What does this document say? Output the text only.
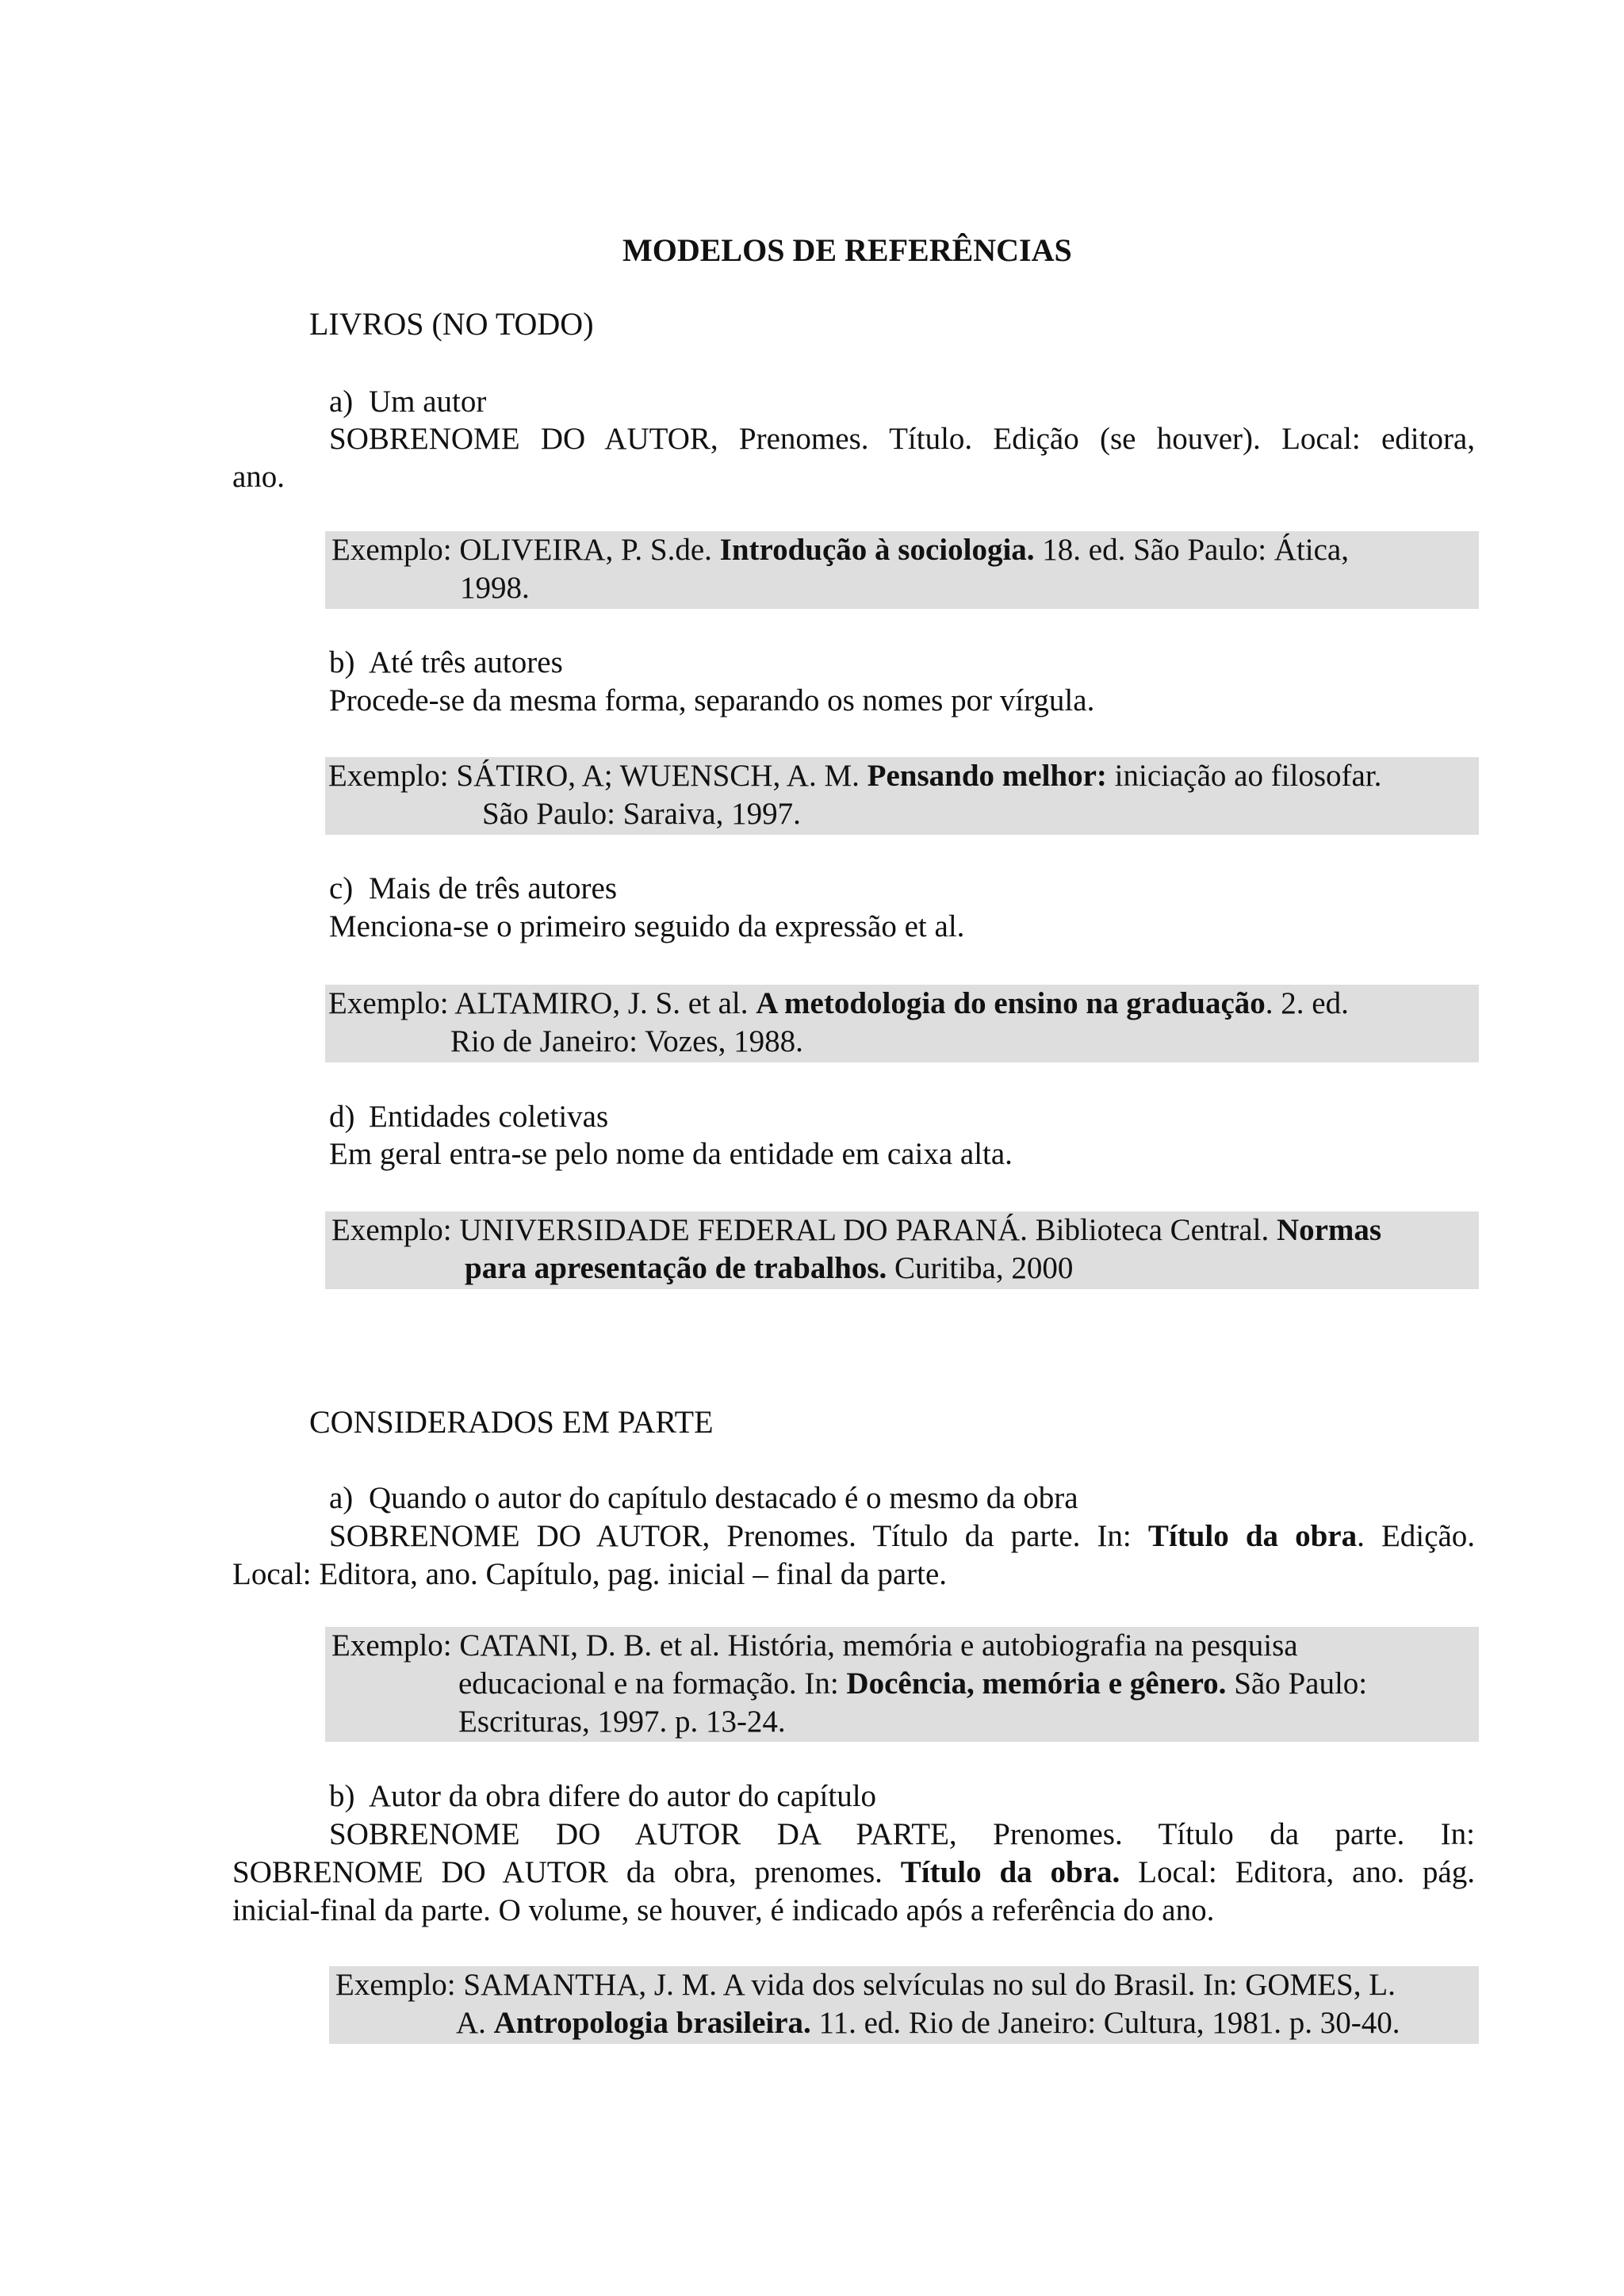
MODELOS DE REFERÊNCIAS
LIVROS (NO TODO)
a) Um autor
SOBRENOME DO AUTOR, Prenomes. Título. Edição (se houver). Local: editora,
ano.
Exemplo: OLIVEIRA, P. S.de. Introdução à sociologia. 18. ed. São Paulo: Ática,
1998.
b) Até três autores
Procede-se da mesma forma, separando os nomes por vírgula.
Exemplo: SÁTIRO, A; WUENSCH, A. M. Pensando melhor: iniciação ao filosofar.
São Paulo: Saraiva, 1997.
c) Mais de três autores
Menciona-se o primeiro seguido da expressão et al.
Exemplo: ALTAMIRO, J. S. et al. A metodologia do ensino na graduação. 2. ed.
Rio de Janeiro: Vozes, 1988.
d) Entidades coletivas
Em geral entra-se pelo nome da entidade em caixa alta.
Exemplo: UNIVERSIDADE FEDERAL DO PARANÁ. Biblioteca Central. Normas
para apresentação de trabalhos. Curitiba, 2000
CONSIDERADOS EM PARTE
a) Quando o autor do capítulo destacado é o mesmo da obra
SOBRENOME DO AUTOR, Prenomes. Título da parte. In: Título da obra. Edição.
Local: Editora, ano. Capítulo, pag. inicial – final da parte.
Exemplo: CATANI, D. B. et al. História, memória e autobiografia na pesquisa
educacional e na formação. In: Docência, memória e gênero. São Paulo:
Escrituras, 1997. p. 13-24.
b) Autor da obra difere do autor do capítulo
SOBRENOME DO AUTOR DA PARTE, Prenomes. Título da parte. In:
SOBRENOME DO AUTOR da obra, prenomes. Título da obra. Local: Editora, ano. pág.
inicial-final da parte. O volume, se houver, é indicado após a referência do ano.
Exemplo: SAMANTHA, J. M. A vida dos selvículas no sul do Brasil. In: GOMES, L.
A. Antropologia brasileira. 11. ed. Rio de Janeiro: Cultura, 1981. p. 30-40.
